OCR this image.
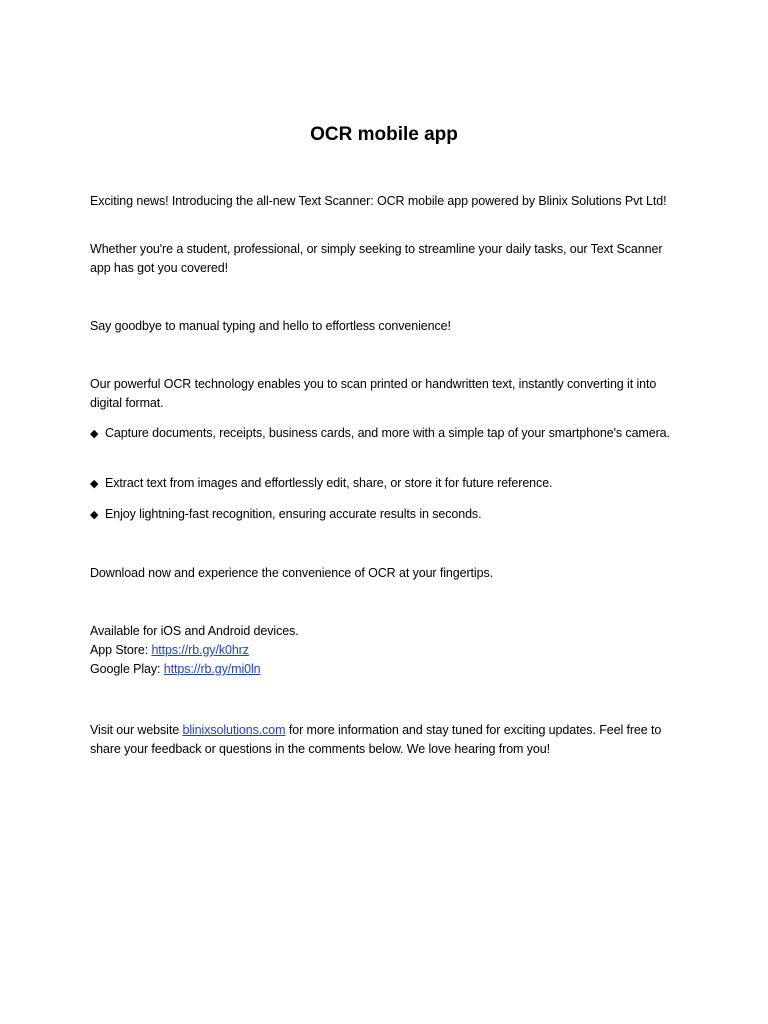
OCR mobile app

Exciting news! Introducing the all-new Text Scanner: OCR mobile app powered by Blinix Solutions Pvt Ltd!

Whether you're a student, professional, or simply seeking to streamline your daily tasks, our Text Scanner app has got you covered!

Say goodbye to manual typing and hello to effortless convenience!

Our powerful OCR technology enables you to scan printed or handwritten text, instantly converting it into digital format.

◆ Capture documents, receipts, business cards, and more with a simple tap of your smartphone's camera.

◆ Extract text from images and effortlessly edit, share, or store it for future reference.

◆ Enjoy lightning-fast recognition, ensuring accurate results in seconds.

Download now and experience the convenience of OCR at your fingertips.

Available for iOS and Android devices.

App Store: https://rb.gy/k0hrz

Google Play: https://rb.gy/mi0ln

Visit our website blinixsolutions.com for more information and stay tuned for exciting updates. Feel free to share your feedback or questions in the comments below. We love hearing from you!
